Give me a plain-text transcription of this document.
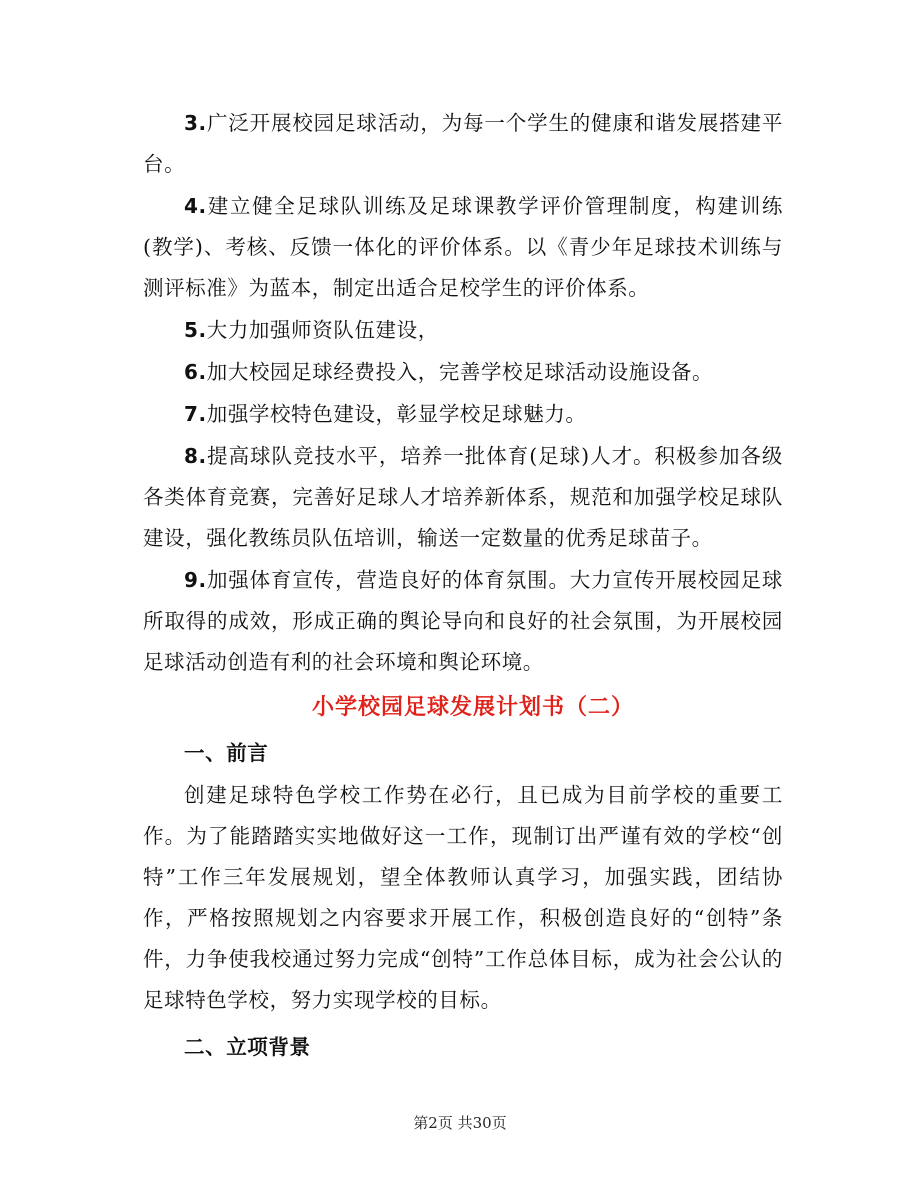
3.广泛开展校园足球活动，为每一个学生的健康和谐发展搭建平台。

4.建立健全足球队训练及足球课教学评价管理制度，构建训练(教学)、考核、反馈一体化的评价体系。以《青少年足球技术训练与测评标准》为蓝本，制定出适合足校学生的评价体系。

5.大力加强师资队伍建设，

6.加大校园足球经费投入，完善学校足球活动设施设备。

7.加强学校特色建设，彰显学校足球魅力。

8.提高球队竞技水平，培养一批体育(足球)人才。积极参加各级各类体育竞赛，完善好足球人才培养新体系，规范和加强学校足球队建设，强化教练员队伍培训，输送一定数量的优秀足球苗子。

9.加强体育宣传，营造良好的体育氛围。大力宣传开展校园足球所取得的成效，形成正确的舆论导向和良好的社会氛围，为开展校园足球活动创造有利的社会环境和舆论环境。

小学校园足球发展计划书（二）
一、前言

创建足球特色学校工作势在必行，且已成为目前学校的重要工作。为了能踏踏实实地做好这一工作，现制订出严谨有效的学校“创特”工作三年发展规划，望全体教师认真学习，加强实践，团结协作，严格按照规划之内容要求开展工作，积极创造良好的“创特”条件，力争使我校通过努力完成“创特”工作总体目标，成为社会公认的足球特色学校，努力实现学校的目标。

二、立项背景
第2页 共30页
